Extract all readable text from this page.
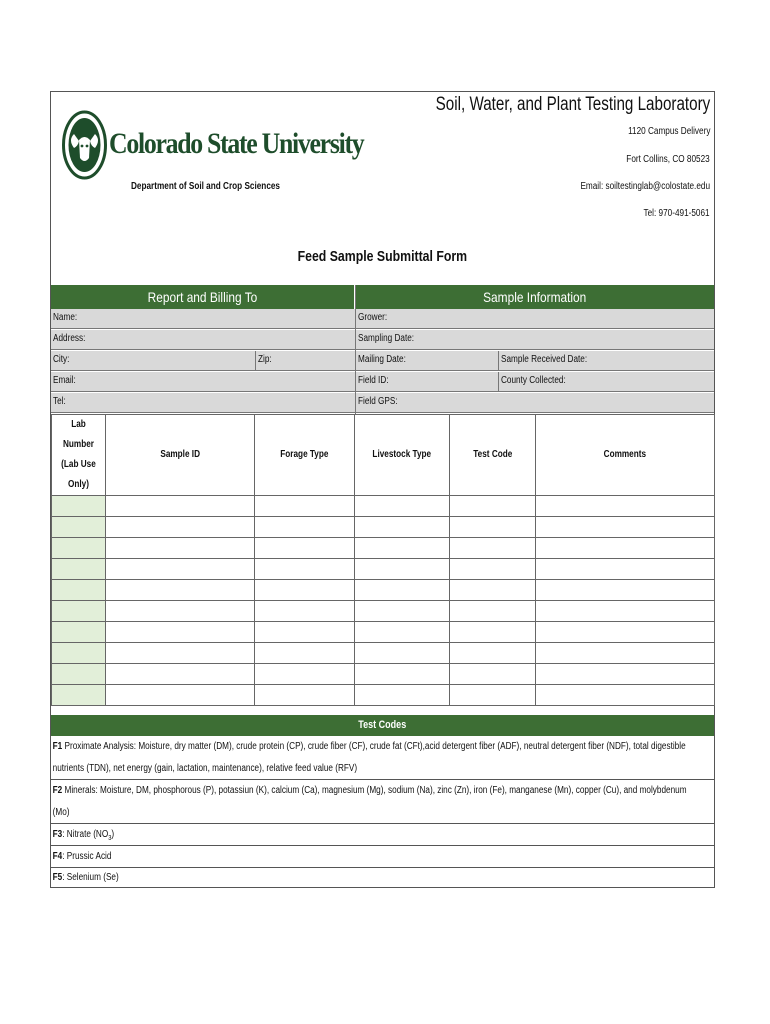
Soil, Water, and Plant Testing Laboratory
1120 Campus Delivery
Fort Collins, CO 80523
Email: soiltestinglab@colostate.edu
Tel: 970-491-5061
Colorado State University
Department of Soil and Crop Sciences
Feed Sample Submittal Form
Report and Billing To	Sample Information
Name:
Address:
City:	Zip:
Email:
Tel:
Grower:
Sampling Date:
Mailing Date:	Sample Received Date:
Field ID:	County Collected:
Field GPS:
Lab Number
(Lab Use
Only)	Sample ID	Forage Type	Livestock Type	Test Code	Comments

Test Codes
F1 Proximate Analysis: Moisture, dry matter (DM), crude protein (CP), crude fiber (CF), crude fat (CFt),acid detergent fiber (ADF), neutral detergent fiber (NDF), total digestible
nutrients (TDN), net energy (gain, lactation, maintenance), relative feed value (RFV)
F2 Minerals: Moisture, DM, phosphorous (P), potassiun (K), calcium (Ca), magnesium (Mg), sodium (Na), zinc (Zn), iron (Fe), manganese (Mn), copper (Cu), and molybdenum
(Mo)
F3: Nitrate $(NO_3)$
F4: Prussic Acid
F5: Selenium (Se)
